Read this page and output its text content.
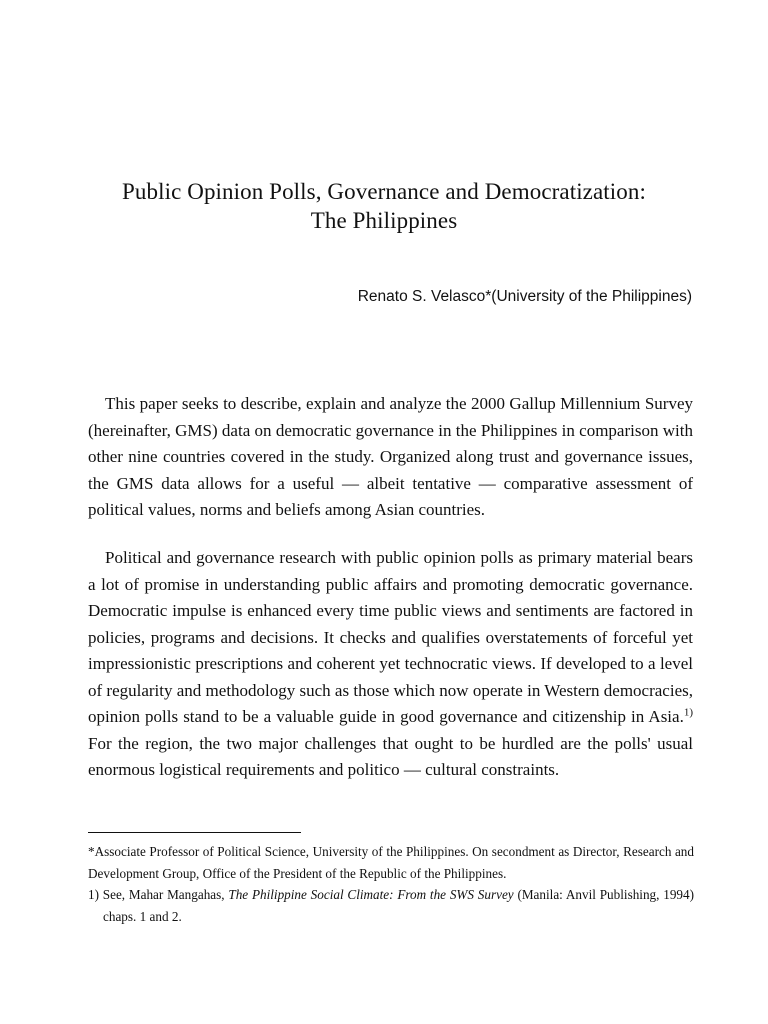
Public Opinion Polls, Governance and Democratization:
The Philippines
Renato S. Velasco*(University of the Philippines)

This paper seeks to describe, explain and analyze the 2000 Gallup Millennium Survey (hereinafter, GMS) data on democratic governance in the Philippines in comparison with other nine countries covered in the study. Organized along trust and governance issues, the GMS data allows for a useful — albeit tentative — comparative assessment of political values, norms and beliefs among Asian countries.

Political and governance research with public opinion polls as primary material bears a lot of promise in understanding public affairs and promoting democratic governance. Democratic impulse is enhanced every time public views and sentiments are factored in policies, programs and decisions. It checks and qualifies overstatements of forceful yet impressionistic prescriptions and coherent yet technocratic views. If developed to a level of regularity and methodology such as those which now operate in Western democracies, opinion polls stand to be a valuable guide in good governance and citizenship in Asia.$^{1)}$ For the region, the two major challenges that ought to be hurdled are the polls' usual enormous logistical requirements and politico — cultural constraints.

*Associate Professor of Political Science, University of the Philippines. On secondment as Director, Research and Development Group, Office of the President of the Republic of the Philippines.

1) See, Mahar Mangahas, The Philippine Social Climate: From the SWS Survey (Manila: Anvil Publishing, 1994) chaps. 1 and 2.
